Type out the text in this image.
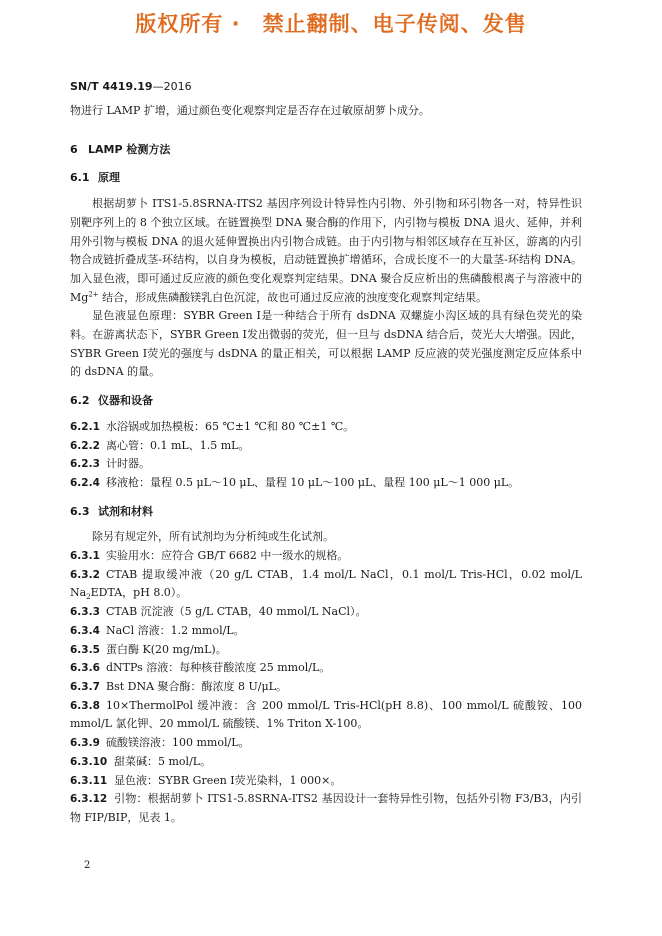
版权所有 ·　禁止翻制、电子传阅、发售
SN/T 4419.19—2016

物进行 LAMP 扩增，通过颜色变化观察判定是否存在过敏原胡萝卜成分。

6 LAMP 检测方法
6.1 原理

根据胡萝卜 ITS1-5.8SRNA-ITS2 基因序列设计特异性内引物、外引物和环引物各一对，特异性识别靶序列上的 8 个独立区域。在链置换型 DNA 聚合酶的作用下，内引物与模板 DNA 退火、延伸，并利用外引物与模板 DNA 的退火延伸置换出内引物合成链。由于内引物与相邻区域存在互补区，游离的内引物合成链折叠成茎-环结构，以自身为模板，启动链置换扩增循环，合成长度不一的大量茎-环结构 DNA。加入显色液，即可通过反应液的颜色变化观察判定结果。DNA 聚合反应析出的焦磷酸根离子与溶液中的 $Mg^{2+}$ 结合，形成焦磷酸镁乳白色沉淀，故也可通过反应液的浊度变化观察判定结果。

显色液显色原理：SYBR Green Ⅰ是一种结合于所有 dsDNA 双螺旋小沟区域的具有绿色荧光的染料。在游离状态下，SYBR Green Ⅰ发出微弱的荧光，但一旦与 dsDNA 结合后，荧光大大增强。因此，SYBR Green Ⅰ荧光的强度与 dsDNA 的量正相关，可以根据 LAMP 反应液的荧光强度测定反应体系中的 dsDNA 的量。

6.2 仪器和设备
6.2.1 水浴锅或加热模板：65 ℃±1 ℃和 80 ℃±1 ℃。
6.2.2 离心管：0.1 mL、1.5 mL。
6.2.3 计时器。
6.2.4 移液枪：量程 0.5 μL～10 μL、量程 10 μL～100 μL、量程 100 μL～1 000 μL。
6.3 试剂和材料

除另有规定外，所有试剂均为分析纯或生化试剂。

6.3.1 实验用水：应符合 GB/T 6682 中一级水的规格。
6.3.2 CTAB 提取缓冲液（20 g/L CTAB，1.4 mol/L NaCl，0.1 mol/L Tris-HCl，0.02 mol/L $Na_2EDTA$，pH 8.0）。
6.3.3 CTAB 沉淀液（5 g/L CTAB，40 mmol/L NaCl）。
6.3.4 NaCl 溶液：1.2 mmol/L。
6.3.5 蛋白酶 K(20 mg/mL)。
6.3.6 dNTPs 溶液：每种核苷酸浓度 25 mmol/L。
6.3.7 Bst DNA 聚合酶：酶浓度 8 U/μL。
6.3.8 10×ThermolPol 缓冲液：含 200 mmol/L Tris-HCl(pH 8.8)、100 mmol/L 硫酸铵、100 mmol/L 氯化钾、20 mmol/L 硫酸镁、1% Triton X-100。
6.3.9 硫酸镁溶液：100 mmol/L。
6.3.10 甜菜碱：5 mol/L。
6.3.11 显色液：SYBR Green Ⅰ荧光染料，1 000×。
6.3.12 引物：根据胡萝卜 ITS1-5.8SRNA-ITS2 基因设计一套特异性引物，包括外引物 F3/B3，内引物 FIP/BIP，见表 1。
2
